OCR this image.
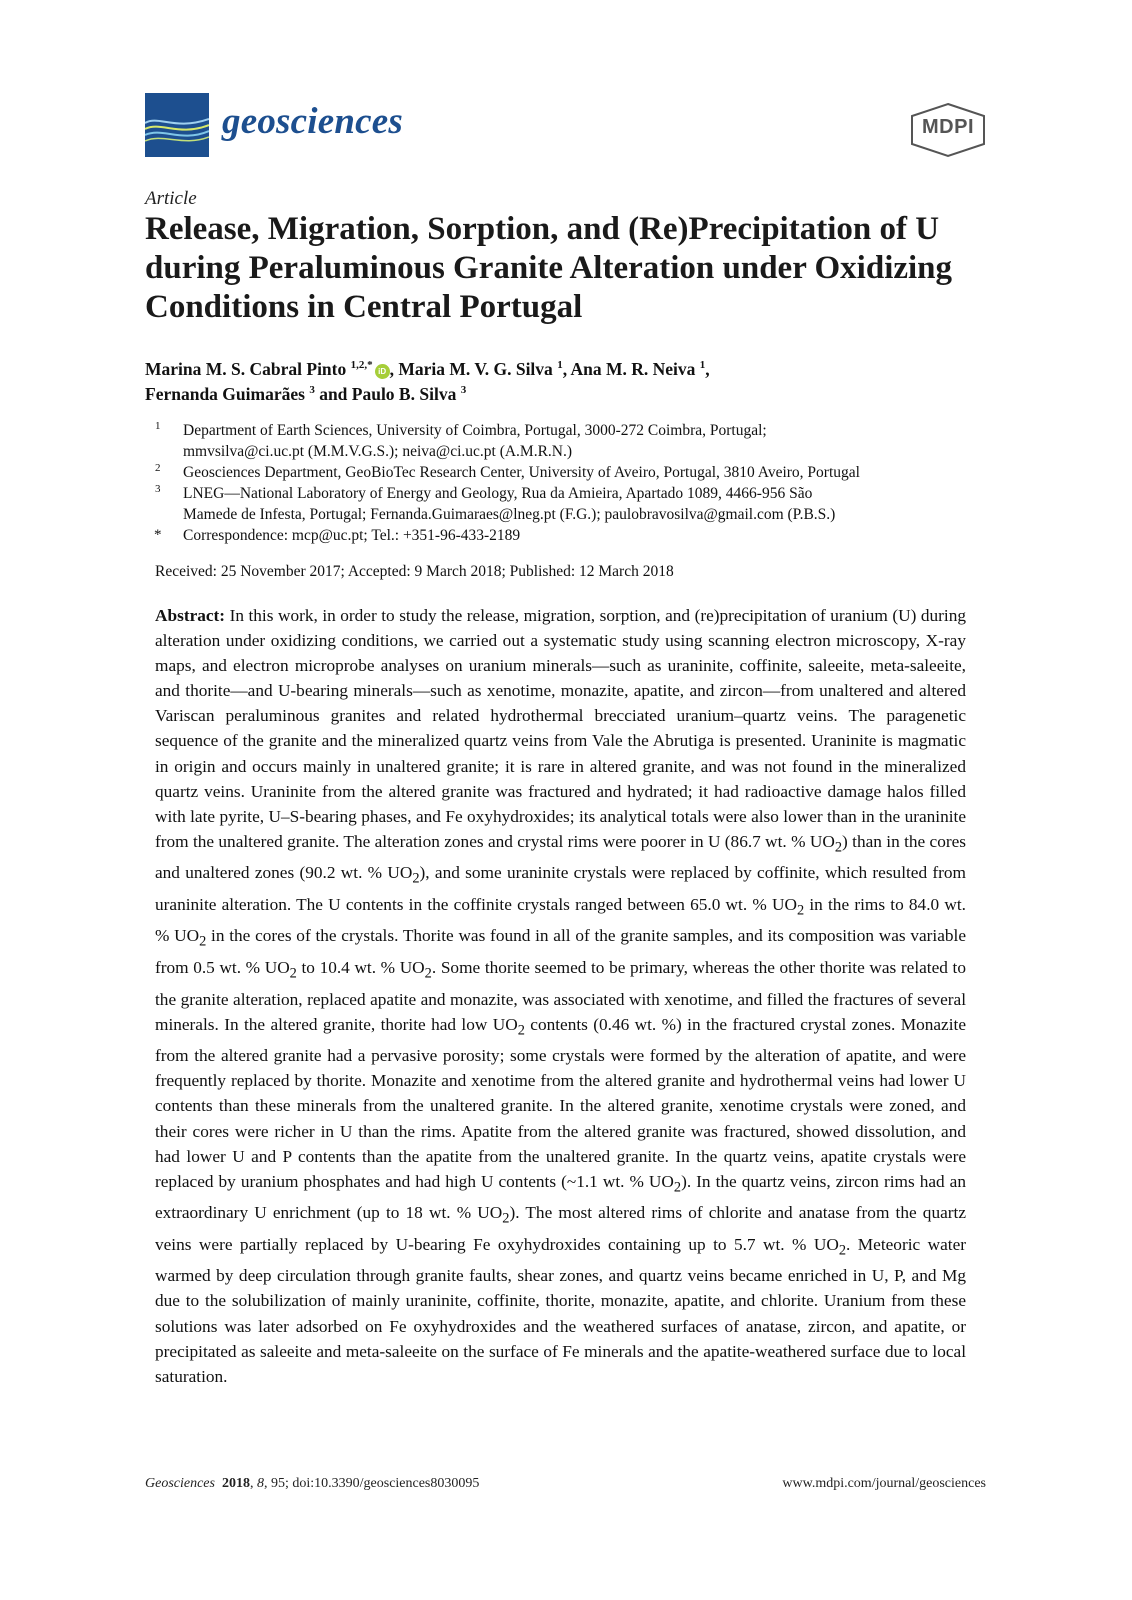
geosciences	MDPI
Article
Release, Migration, Sorption, and (Re)Precipitation of U during Peraluminous Granite Alteration under Oxidizing Conditions in Central Portugal
Marina M. S. Cabral Pinto $^{1,2,*}$iD , Maria M. V. G. Silva $^1$, Ana M. R. Neiva $^1$,
Fernanda Guimarães $^3$ and Paulo B. Silva $^3$
1 Department of Earth Sciences, University of Coimbra, Portugal, 3000-272 Coimbra, Portugal;
mmvsilva@ci.uc.pt (M.M.V.G.S.); neiva@ci.uc.pt (A.M.R.N.)
2 Geosciences Department, GeoBioTec Research Center, University of Aveiro, Portugal, 3810 Aveiro, Portugal
3 LNEG—National Laboratory of Energy and Geology, Rua da Amieira, Apartado 1089, 4466-956 São
Mamede de Infesta, Portugal; Fernanda.Guimaraes@lneg.pt (F.G.); paulobravosilva@gmail.com (P.B.S.)
* Correspondence: mcp@uc.pt; Tel.: +351-96-433-2189
Received: 25 November 2017; Accepted: 9 March 2018; Published: 12 March 2018

Abstract: In this work, in order to study the release, migration, sorption, and (re)precipitation of uranium (U) during alteration under oxidizing conditions, we carried out a systematic study using scanning electron microscopy, X-ray maps, and electron microprobe analyses on uranium minerals—such as uraninite, coffinite, saleeite, meta-saleeite, and thorite—and U-bearing minerals—such as xenotime, monazite, apatite, and zircon—from unaltered and altered Variscan peraluminous granites and related hydrothermal brecciated uranium–quartz veins. The paragenetic sequence of the granite and the mineralized quartz veins from Vale the Abrutiga is presented. Uraninite is magmatic in origin and occurs mainly in unaltered granite; it is rare in altered granite, and was not found in the mineralized quartz veins. Uraninite from the altered granite was fractured and hydrated; it had radioactive damage halos filled with late pyrite, U–S-bearing phases, and Fe oxyhydroxides; its analytical totals were also lower than in the uraninite from the unaltered granite. The alteration zones and crystal rims were poorer in U (86.7 wt. % $UO_2$) than in the cores and unaltered zones (90.2 wt. % $UO_2$), and some uraninite crystals were replaced by coffinite, which resulted from uraninite alteration. The U contents in the coffinite crystals ranged between 65.0 wt. % $UO_2$ in the rims to 84.0 wt. % $UO_2$ in the cores of the crystals. Thorite was found in all of the granite samples, and its composition was variable from 0.5 wt. % $UO_2$ to 10.4 wt. % $UO_2$. Some thorite seemed to be primary, whereas the other thorite was related to the granite alteration, replaced apatite and monazite, was associated with xenotime, and filled the fractures of several minerals. In the altered granite, thorite had low $UO_2$ contents (0.46 wt. %) in the fractured crystal zones. Monazite from the altered granite had a pervasive porosity; some crystals were formed by the alteration of apatite, and were frequently replaced by thorite. Monazite and xenotime from the altered granite and hydrothermal veins had lower U contents than these minerals from the unaltered granite. In the altered granite, xenotime crystals were zoned, and their cores were richer in U than the rims. Apatite from the altered granite was fractured, showed dissolution, and had lower U and P contents than the apatite from the unaltered granite. In the quartz veins, apatite crystals were replaced by uranium phosphates and had high U contents (~1.1 wt. % $UO_2$). In the quartz veins, zircon rims had an extraordinary U enrichment (up to 18 wt. % $UO_2$). The most altered rims of chlorite and anatase from the quartz veins were partially replaced by U-bearing Fe oxyhydroxides containing up to 5.7 wt. % $UO_2$. Meteoric water warmed by deep circulation through granite faults, shear zones, and quartz veins became enriched in U, P, and Mg due to the solubilization of mainly uraninite, coffinite, thorite, monazite, apatite, and chlorite. Uranium from these solutions was later adsorbed on Fe oxyhydroxides and the weathered surfaces of anatase, zircon, and apatite, or precipitated as saleeite and meta-saleeite on the surface of Fe minerals and the apatite-weathered surface due to local saturation.

Geosciences 2018, 8, 95; doi:10.3390/geosciences8030095	www.mdpi.com/journal/geosciences
